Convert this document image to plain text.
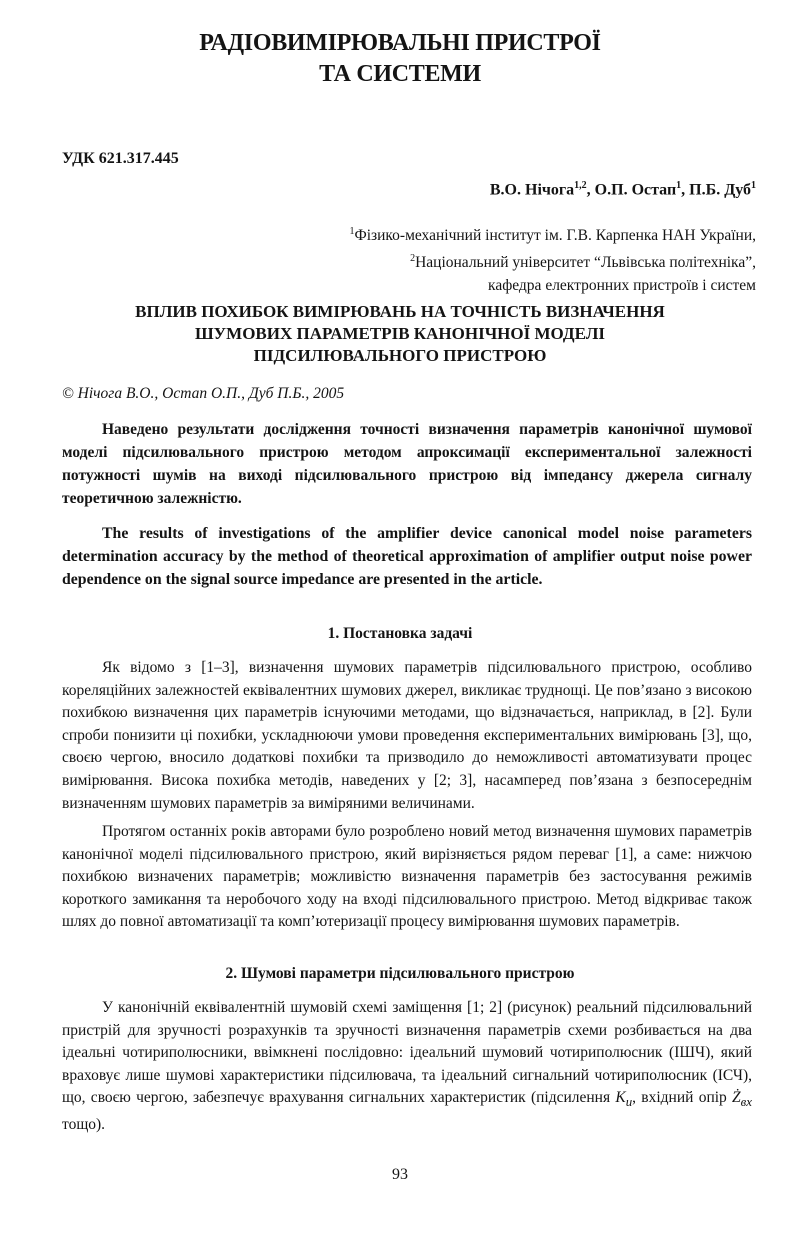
РАДІОВИМІРЮВАЛЬНІ ПРИСТРОЇ
ТА СИСТЕМИ
УДК 621.317.445
В.О. Нічога$^{1,2}$, О.П. Остап$^1$, П.Б. Дуб$^1$
$^1$Фізико-механічний інститут ім. Г.В. Карпенка НАН України,
$^2$Національний університет “Львівська політехніка”,
кафедра електронних пристроїв і систем
ВПЛИВ ПОХИБОК ВИМІРЮВАНЬ НА ТОЧНІСТЬ ВИЗНАЧЕННЯ
ШУМОВИХ ПАРАМЕТРІВ КАНОНІЧНОЇ МОДЕЛІ
ПІДСИЛЮВАЛЬНОГО ПРИСТРОЮ
© Нічога В.О., Остап О.П., Дуб П.Б., 2005

Наведено результати дослідження точності визначення параметрів канонічної шумової моделі підсилювального пристрою методом апроксимації експериментальної залежності потужності шумів на виході підсилювального пристрою від імпедансу джерела сигналу теоретичною залежністю.

The results of investigations of the amplifier device canonical model noise parameters determination accuracy by the method of theoretical approximation of amplifier output noise power dependence on the signal source impedance are presented in the article.

1. Постановка задачі

Як відомо з [1–3], визначення шумових параметрів підсилювального пристрою, особливо кореляційних залежностей еквівалентних шумових джерел, викликає труднощі. Це пов’язано з високою похибкою визначення цих параметрів існуючими методами, що відзначається, наприклад, в [2]. Були спроби понизити ці похибки, ускладнюючи умови проведення експериментальних вимірювань [3], що, своєю чергою, вносило додаткові похибки та призводило до неможливості автоматизувати процес вимірювання. Висока похибка методів, наведених у [2; 3], насамперед пов’язана з безпосереднім визначенням шумових параметрів за виміряними величинами.

Протягом останніх років авторами було розроблено новий метод визначення шумових параметрів канонічної моделі підсилювального пристрою, який вирізняється рядом переваг [1], а саме: нижчою похибкою визначених параметрів; можливістю визначення параметрів без застосування режимів короткого замикання та неробочого ходу на вході підсилювального пристрою. Метод відкриває також шлях до повної автоматизації та комп’ютеризації процесу вимірювання шумових параметрів.

2. Шумові параметри підсилювального пристрою

У канонічній еквівалентній шумовій схемі заміщення [1; 2] (рисунок) реальний підсилювальний пристрій для зручності розрахунків та зручності визначення параметрів схеми розбивається на два ідеальні чотириполюсники, ввімкнені послідовно: ідеальний шумовий чотириполюсник (ІШЧ), який враховує лише шумові характеристики підсилювача, та ідеальний сигнальний чотириполюсник (ІСЧ), що, своєю чергою, забезпечує врахування сигнальних характеристик (підсилення $K_u$, вхідний опір $Ż_{вх}$ тощо).

93
